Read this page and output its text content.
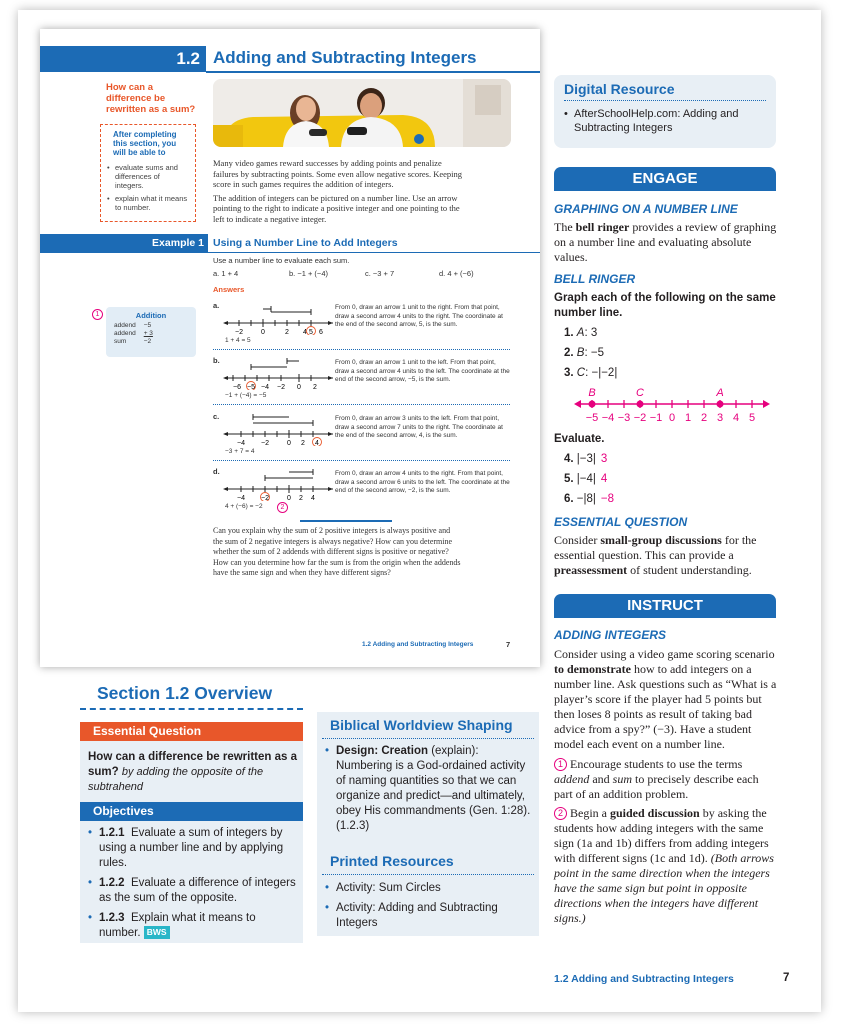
1.2 Adding and Subtracting Integers
How can a difference be rewritten as a sum?
After completing this section, you will be able to
• evaluate sums and differences of integers.
• explain what it means to number.

Many video games reward successes by adding points and penalize failures by subtracting points. Some even allow negative scores. Keeping score in such games requires the addition of integers.

The addition of integers can be pictured on a number line. Use an arrow pointing to the right to indicate a positive integer and one pointing to the left to indicate a negative integer.

Example 1 Using a Number Line to Add Integers
Use a number line to evaluate each sum.
a. 1 + 4	b. −1 + (−4)	c. −3 + 7	d. 4 + (−6)
Answers
1	Addition
addend	−5
addend	+ 3
sum	−2
a.
−2	0	2 4 5 6
1 + 4 = 5
From 0, draw an arrow 1 unit to the right. From that point, draw a second arrow 4 units to the right. The coordinate at the end of the second arrow, 5, is the sum.
b.
−6 −5 −4 −2 0 2
−1 + (−4) = −5
From 0, draw an arrow 1 unit to the left. From that point, draw a second arrow 4 units to the left. The coordinate at the end of the second arrow, −5, is the sum.
c.
−4 −2	0 2 4
−3 + 7 = 4
From 0, draw an arrow 3 units to the left. From that point, draw a second arrow 7 units to the right. The coordinate at the end of the second arrow, 4, is the sum.
d.
−4 −2	0 2 4
4 + (−6) = −2	2
From 0, draw an arrow 4 units to the right. From that point, draw a second arrow 6 units to the left. The coordinate at the end of the second arrow, −2, is the sum.
Can you explain why the sum of 2 positive integers is always positive and the sum of 2 negative integers is always negative? How can you determine whether the sum of 2 addends with different signs is positive or negative? How can you determine how far the sum is from the origin when the addends have the same sign and when they have different signs?
1.2 Adding and Subtracting Integers	7
Digital Resource
• AfterSchoolHelp.com: Adding and Subtracting Integers
ENGAGE
GRAPHING ON A NUMBER LINE
The bell ringer provides a review of graphing on a number line and evaluating absolute values.
BELL RINGER
Graph each of the following on the same number line.
1. A: 3
2. B: −5
3. C: −|−2|
−5 −4 −3 −2 −1 0 1 2 3 4 5
B	C	A
Evaluate.
4. |−3| 3
5. |−4| 4
6. −|8| −8
ESSENTIAL QUESTION
Consider small-group discussions for the essential question. This can provide a preassessment of student understanding.
INSTRUCT
ADDING INTEGERS
Consider using a video game scoring scenario to demonstrate how to add integers on a number line. Ask questions such as “What is a player’s score if the player had 5 points but then loses 8 points as result of taking bad advice from a spy?” (−3). Have a student model each event on a number line.
1 Encourage students to use the terms addend and sum to precisely describe each part of an addition problem.
2 Begin a guided discussion by asking the students how adding integers with the same sign (1a and 1b) differs from adding integers with different signs (1c and 1d). (Both arrows point in the same direction when the integers have the same sign but point in opposite directions when the integers have different signs.)
1.2 Adding and Subtracting Integers	7
Section 1.2 Overview
Essential Question
How can a difference be rewritten as a sum? by adding the opposite of the subtrahend
Objectives
• 1.2.1 Evaluate a sum of integers by using a number line and by applying rules.
• 1.2.2 Evaluate a difference of integers as the sum of the opposite.
• 1.2.3 Explain what it means to number. BWS
Biblical Worldview Shaping
• Design: Creation (explain): Numbering is a God-ordained activity of naming quantities so that we can organize and predict—and ultimately, obey His commandments (Gen. 1:28). (1.2.3)
Printed Resources
• Activity: Sum Circles
• Activity: Adding and Subtracting Integers
